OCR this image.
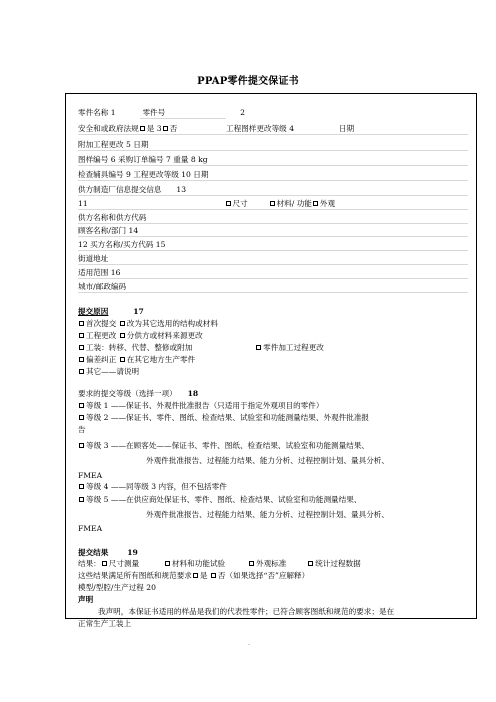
PPAP零件提交保证书
零件名称 1	零件号	2
安全和或政府法规 是 3 否	工程图样更改等级 4	日期
附加工程更改 5 日期
图样编号 6 采购订单编号 7 重量 8 kg
检查辅具编号 9 工程更改等级 10 日期
供方制造厂信息提交信息 13
11	尺寸	材料/ 功能 外观
供方名称和供方代码
顾客名称/部门 14
12 买方名称/买方代码 15
街道地址
适用范围 16
城市/邮政编码
提交原因	17
首次提交 改为其它选用的结构或材料
工程更改 分供方或材料来源更改
工装：转移、代替、整修或附加	零件加工过程更改
偏差纠正 在其它地方生产零件
其它——请说明
要求的提交等级（选择一项） 18
等级 1 ——保证书、外观件批准报告（只适用于指定外观项目的零件）
等级 2 ——保证书、零件、图纸、检查结果、试验室和功能测量结果、外观件批准报
告
等级 3 ——在顾客处——保证书、零件、图纸、检查结果、试验室和功能测量结果、
外观件批准报告、过程能力结果、能力分析、过程控制计划、量具分析、
FMEA
等级 4 ——同等级 3 内容，但不包括零件
等级 5 ——在供应商处保证书、零件、图纸、检查结果、试验室和功能测量结果、
外观件批准报告、过程能力结果、能力分析、过程控制计划、量具分析、
FMEA
提交结果 19
结果： 尺寸测量	材料和功能试验	外观标准	统计过程数据
这些结果满足所有图纸和规范要求 是 否（如果选择“否”应解释）
模型/型腔/生产过程 20
声明
我声明，本保证书适用的样品是我们的代表性零件；已符合顾客图纸和规范的要求；是在
正常生产工装上
.
